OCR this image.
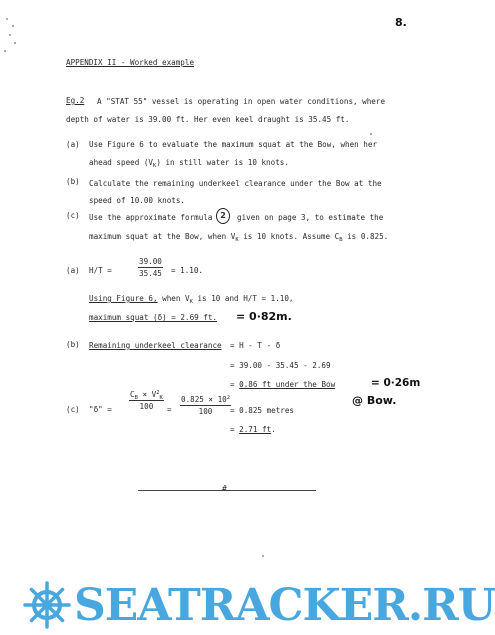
8.
APPENDIX II - Worked example
Eg.2 A "STAT 55" vessel is operating in open water conditions, where
depth of water is 39.00 ft. Her even keel draught is 35.45 ft.
(a) Use Figure 6 to evaluate the maximum squat at the Bow, when her
ahead speed $(V_K)$ in still water is 10 knots.
(b) Calculate the remaining underkeel clearance under the Bow at the
speed of 10.00 knots.
(c) Use the approximate formula 2	given on page 3, to estimate the
maximum squat at the Bow, when $V_K$ is 10 knots. Assume $C_B$ is 0.825.
(a) H/T =	$\frac{39.00}{35.45} = 1.10$.
Using Figure 6, when $V_K$ is 10 and H/T = 1.10,
maximum squat (δ) = 2.69 ft. = 0·82m.
(b) Remaining underkeel clearance = H - T - δ
= 39.00 - 35.45 - 2.69
= 0.86 ft under the Bow	= 0·26m
@ Bow.
(c) "δ" = $\frac{C_B \times V^2_K}{100} = \frac{0.825 \times 10^2}{100}$
= 0.825 metres
= 2.71 ft.
#
SEATRACKER.RU
